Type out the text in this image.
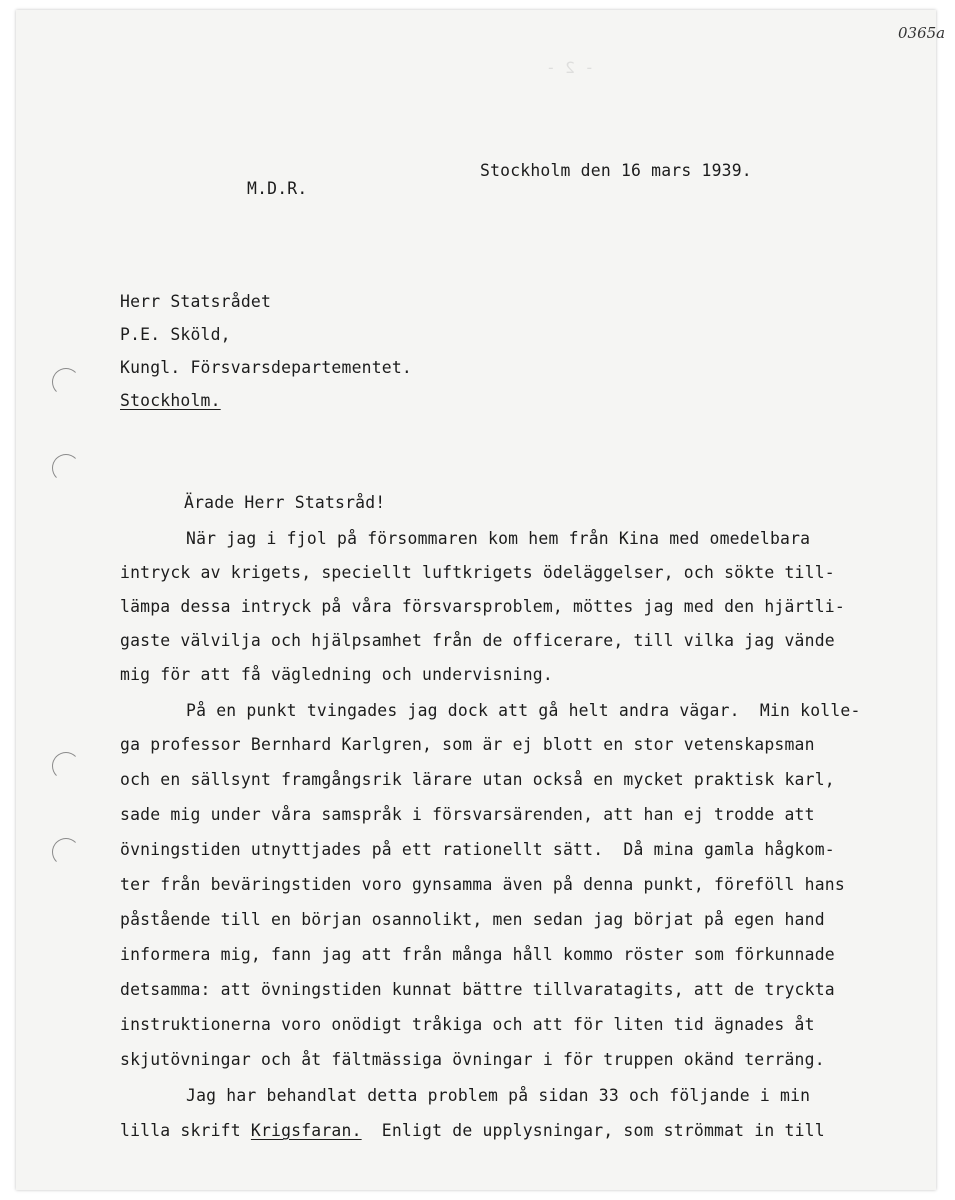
- 2 -
0365a
Stockholm den 16 mars 1939.
M.D.R.
Herr Statsrådet
P.E. Sköld,
Kungl. Försvarsdepartementet.
Stockholm.
Ärade Herr Statsråd!
När jag i fjol på försommaren kom hem från Kina med omedelbara
intryck av krigets, speciellt luftkrigets ödeläggelser, och sökte till-
lämpa dessa intryck på våra försvarsproblem, möttes jag med den hjärtli-
gaste välvilja och hjälpsamhet från de officerare, till vilka jag vände
mig för att få vägledning och undervisning.
På en punkt tvingades jag dock att gå helt andra vägar.  Min kolle-
ga professor Bernhard Karlgren, som är ej blott en stor vetenskapsman
och en sällsynt framgångsrik lärare utan också en mycket praktisk karl,
sade mig under våra samspråk i försvarsärenden, att han ej trodde att
övningstiden utnyttjades på ett rationellt sätt.  Då mina gamla hågkom-
ter från beväringstiden voro gynsamma även på denna punkt, föreföll hans
påstående till en början osannolikt, men sedan jag börjat på egen hand
informera mig, fann jag att från många håll kommo röster som förkunnade
detsamma: att övningstiden kunnat bättre tillvaratagits, att de tryckta
instruktionerna voro onödigt tråkiga och att för liten tid ägnades åt
skjutövningar och åt fältmässiga övningar i för truppen okänd terräng.
Jag har behandlat detta problem på sidan 33 och följande i min
lilla skrift Krigsfaran.  Enligt de upplysningar, som strömmat in till
